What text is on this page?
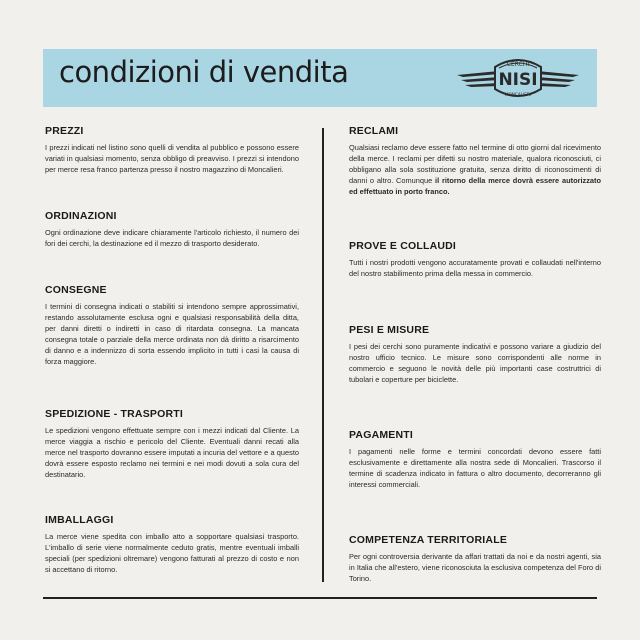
condizioni di vendita	CERCHI
NISI
MONCALIERI
PREZZI

I prezzi indicati nel listino sono quelli di vendita al pubblico e possono essere variati in qualsiasi momento, senza obbligo di preavviso. I prezzi si intendono per merce resa franco partenza presso il nostro magazzino di Moncalieri.

ORDINAZIONI

Ogni ordinazione deve indicare chiaramente l'articolo richiesto, il numero dei fori dei cerchi, la destinazione ed il mezzo di trasporto desiderato.

CONSEGNE

I termini di consegna indicati o stabiliti si intendono sempre approssimativi, restando assolutamente esclusa ogni e qualsiasi responsabilità della ditta, per danni diretti o indiretti in caso di ritardata consegna. La mancata consegna totale o parziale della merce ordinata non dà diritto a risarcimento di danno e a indennizzo di sorta essendo implicito in tutti i casi la causa di forza maggiore.

SPEDIZIONE - TRASPORTI

Le spedizioni vengono effettuate sempre con i mezzi indicati dal Cliente. La merce viaggia a rischio e pericolo del Cliente. Eventuali danni recati alla merce nel trasporto dovranno essere imputati a incuria del vettore e a questo dovrà essere esposto reclamo nei termini e nei modi dovuti a sola cura del destinatario.

IMBALLAGGI

La merce viene spedita con imballo atto a sopportare qualsiasi trasporto. L'imballo di serie viene normalmente ceduto gratis, mentre eventuali imballi speciali (per spedizioni oltremare) vengono fatturati al prezzo di costo e non si accettano di ritorno.

RECLAMI

Qualsiasi reclamo deve essere fatto nel termine di otto giorni dal ricevimento della merce. I reclami per difetti su nostro materiale, qualora riconosciuti, ci obbligano alla sola sostituzione gratuita, senza diritto di riconoscimenti di danni o altro. Comunque il ritorno della merce dovrà essere autorizzato ed effettuato in porto franco.

PROVE E COLLAUDI

Tutti i nostri prodotti vengono accuratamente provati e collaudati nell'interno del nostro stabilimento prima della messa in commercio.

PESI E MISURE

I pesi dei cerchi sono puramente indicativi e possono variare a giudizio del nostro ufficio tecnico. Le misure sono corrispondenti alle norme in commercio e seguono le novità delle più importanti case costruttrici di tubolari e coperture per biciclette.

PAGAMENTI

I pagamenti nelle forme e termini concordati devono essere fatti esclusivamente e direttamente alla nostra sede di Moncalieri. Trascorso il termine di scadenza indicato in fattura o altro documento, decorreranno gli interessi commerciali.

COMPETENZA TERRITORIALE

Per ogni controversia derivante da affari trattati da noi e da nostri agenti, sia in Italia che all'estero, viene riconosciuta la esclusiva competenza del Foro di Torino.
